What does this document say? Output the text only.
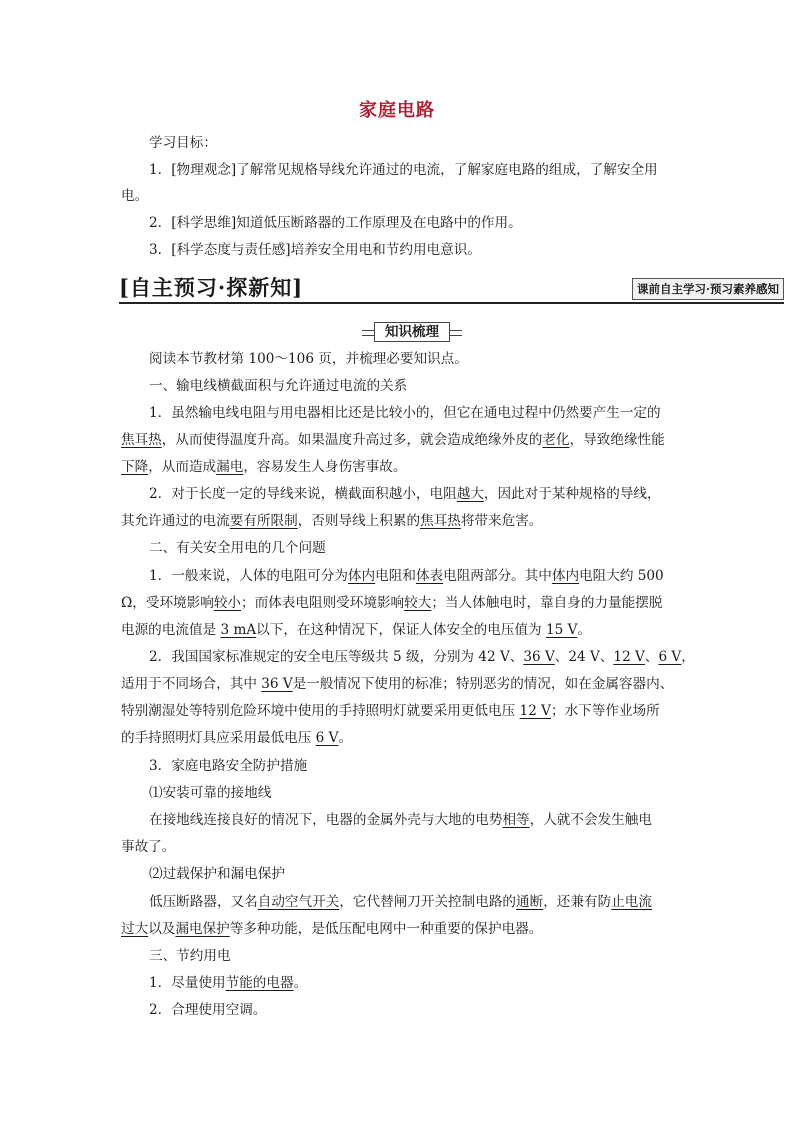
家庭电路
学习目标：
1．[物理观念]了解常见规格导线允许通过的电流，了解家庭电路的组成，了解安全用
电。
2．[科学思维]知道低压断路器的工作原理及在电路中的作用。
3．[科学态度与责任感]培养安全用电和节约用电意识。
[自主预习·探新知]	课前自主学习·预习素养感知
知识梳理
阅读本节教材第 100～106 页，并梳理必要知识点。
一、输电线横截面积与允许通过电流的关系
1．虽然输电线电阻与用电器相比还是比较小的，但它在通电过程中仍然要产生一定的
焦耳热，从而使得温度升高。如果温度升高过多，就会造成绝缘外皮的老化，导致绝缘性能
下降，从而造成漏电，容易发生人身伤害事故。
2．对于长度一定的导线来说，横截面积越小，电阻越大，因此对于某种规格的导线，
其允许通过的电流要有所限制，否则导线上积累的焦耳热将带来危害。
二、有关安全用电的几个问题
1．一般来说，人体的电阻可分为体内电阻和体表电阻两部分。其中体内电阻大约 500
Ω，受环境影响较小；而体表电阻则受环境影响较大；当人体触电时，靠自身的力量能摆脱
电源的电流值是 3 mA以下，在这种情况下，保证人体安全的电压值为 15 V。
2．我国国家标准规定的安全电压等级共 5 级，分别为 42 V、36 V、24 V、12 V、6 V，
适用于不同场合，其中 36 V是一般情况下使用的标准；特别恶劣的情况，如在金属容器内、
特别潮湿处等特别危险环境中使用的手持照明灯就要采用更低电压 12 V；水下等作业场所
的手持照明灯具应采用最低电压 6 V。
3．家庭电路安全防护措施
⑴安装可靠的接地线
在接地线连接良好的情况下，电器的金属外壳与大地的电势相等，人就不会发生触电
事故了。
⑵过载保护和漏电保护
低压断路器，又名自动空气开关，它代替闸刀开关控制电路的通断，还兼有防止电流
过大以及漏电保护等多种功能，是低压配电网中一种重要的保护电器。
三、节约用电
1．尽量使用节能的电器。
2．合理使用空调。
